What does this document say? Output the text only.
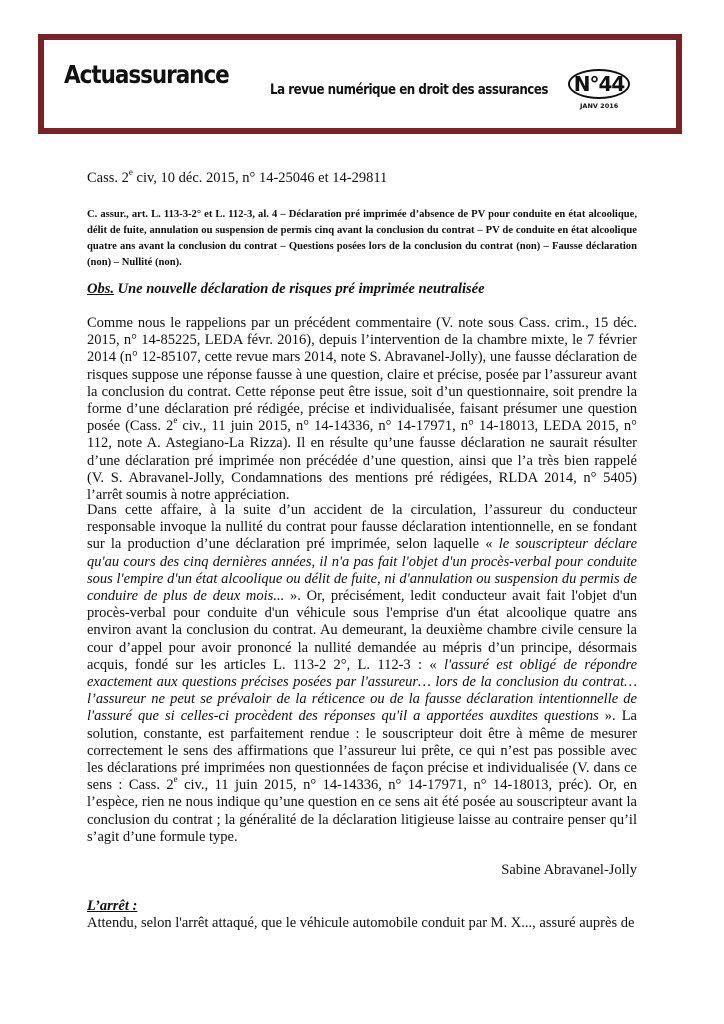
Actuassurance
La revue numérique en droit des assurances N°44
JANV 2016
Cass. 2e civ, 10 déc. 2015, n° 14-25046 et 14-29811
C. assur., art. L. 113-3-2° et L. 112-3, al. 4 – Déclaration pré imprimée d’absence de PV pour conduite en état alcoolique, délit de fuite, annulation ou suspension de permis cinq avant la conclusion du contrat – PV de conduite en état alcoolique quatre ans avant la conclusion du contrat – Questions posées lors de la conclusion du contrat (non) – Fausse déclaration (non) – Nullité (non).
Obs. Une nouvelle déclaration de risques pré imprimée neutralisée

Comme nous le rappelions par un précédent commentaire (V. note sous Cass. crim., 15 déc. 2015, n° 14-85225, LEDA févr. 2016), depuis l’intervention de la chambre mixte, le 7 février 2014 (n° 12-85107, cette revue mars 2014, note S. Abravanel-Jolly), une fausse déclaration de risques suppose une réponse fausse à une question, claire et précise, posée par l’assureur avant la conclusion du contrat. Cette réponse peut être issue, soit d’un questionnaire, soit prendre la forme d’une déclaration pré rédigée, précise et individualisée, faisant présumer une question posée (Cass. 2e civ., 11 juin 2015, n° 14-14336, n° 14-17971, n° 14-18013, LEDA 2015, n° 112, note A. Astegiano-La Rizza). Il en résulte qu’une fausse déclaration ne saurait résulter d’une déclaration pré imprimée non précédée d’une question, ainsi que l’a très bien rappelé (V. S. Abravanel-Jolly, Condamnations des mentions pré rédigées, RLDA 2014, n° 5405) l’arrêt soumis à notre appréciation.

Dans cette affaire, à la suite d’un accident de la circulation, l’assureur du conducteur responsable invoque la nullité du contrat pour fausse déclaration intentionnelle, en se fondant sur la production d’une déclaration pré imprimée, selon laquelle « le souscripteur déclare qu'au cours des cinq dernières années, il n'a pas fait l'objet d'un procès-verbal pour conduite sous l'empire d'un état alcoolique ou délit de fuite, ni d'annulation ou suspension du permis de conduire de plus de deux mois... ». Or, précisément, ledit conducteur avait fait l'objet d'un procès-verbal pour conduite d'un véhicule sous l'emprise d'un état alcoolique quatre ans environ avant la conclusion du contrat. Au demeurant, la deuxième chambre civile censure la cour d’appel pour avoir prononcé la nullité demandée au mépris d’un principe, désormais acquis, fondé sur les articles L. 113-2 2°, L. 112-3 : « l'assuré est obligé de répondre exactement aux questions précises posées par l'assureur… lors de la conclusion du contrat… l’assureur ne peut se prévaloir de la réticence ou de la fausse déclaration intentionnelle de l'assuré que si celles-ci procèdent des réponses qu'il a apportées auxdites questions ». La solution, constante, est parfaitement rendue : le souscripteur doit être à même de mesurer correctement le sens des affirmations que l’assureur lui prête, ce qui n’est pas possible avec les déclarations pré imprimées non questionnées de façon précise et individualisée (V. dans ce sens : Cass. 2e civ., 11 juin 2015, n° 14-14336, n° 14-17971, n° 14-18013, préc). Or, en l’espèce, rien ne nous indique qu’une question en ce sens ait été posée au souscripteur avant la conclusion du contrat ; la généralité de la déclaration litigieuse laisse au contraire penser qu’il s’agit d’une formule type.

Sabine Abravanel-Jolly
L’arrêt :
Attendu, selon l'arrêt attaqué, que le véhicule automobile conduit par M. X..., assuré auprès de
